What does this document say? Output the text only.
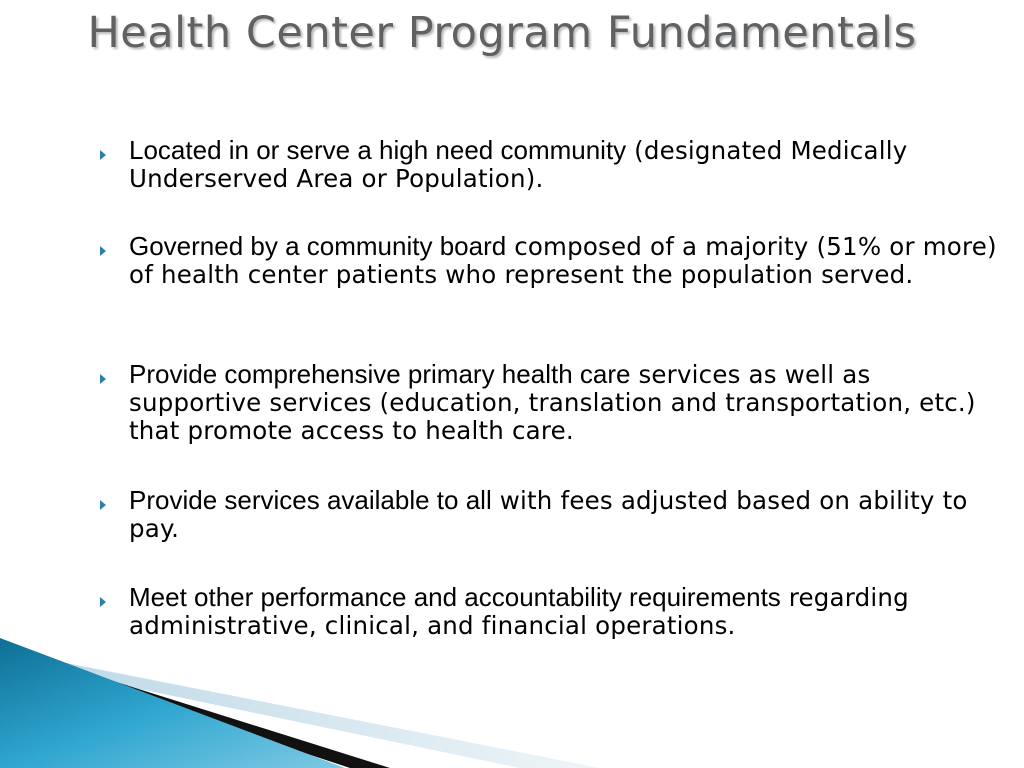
Health Center Program Fundamentals
Located in or serve a high need community (designated Medically Underserved Area or Population).
Governed by a community board composed of a majority (51% or more) of health center patients who represent the population served.
Provide comprehensive primary health care services as well as supportive services (education, translation and transportation, etc.) that promote access to health care.
Provide services available to all with fees adjusted based on ability to pay.
Meet other performance and accountability requirements regarding administrative, clinical, and financial operations.
